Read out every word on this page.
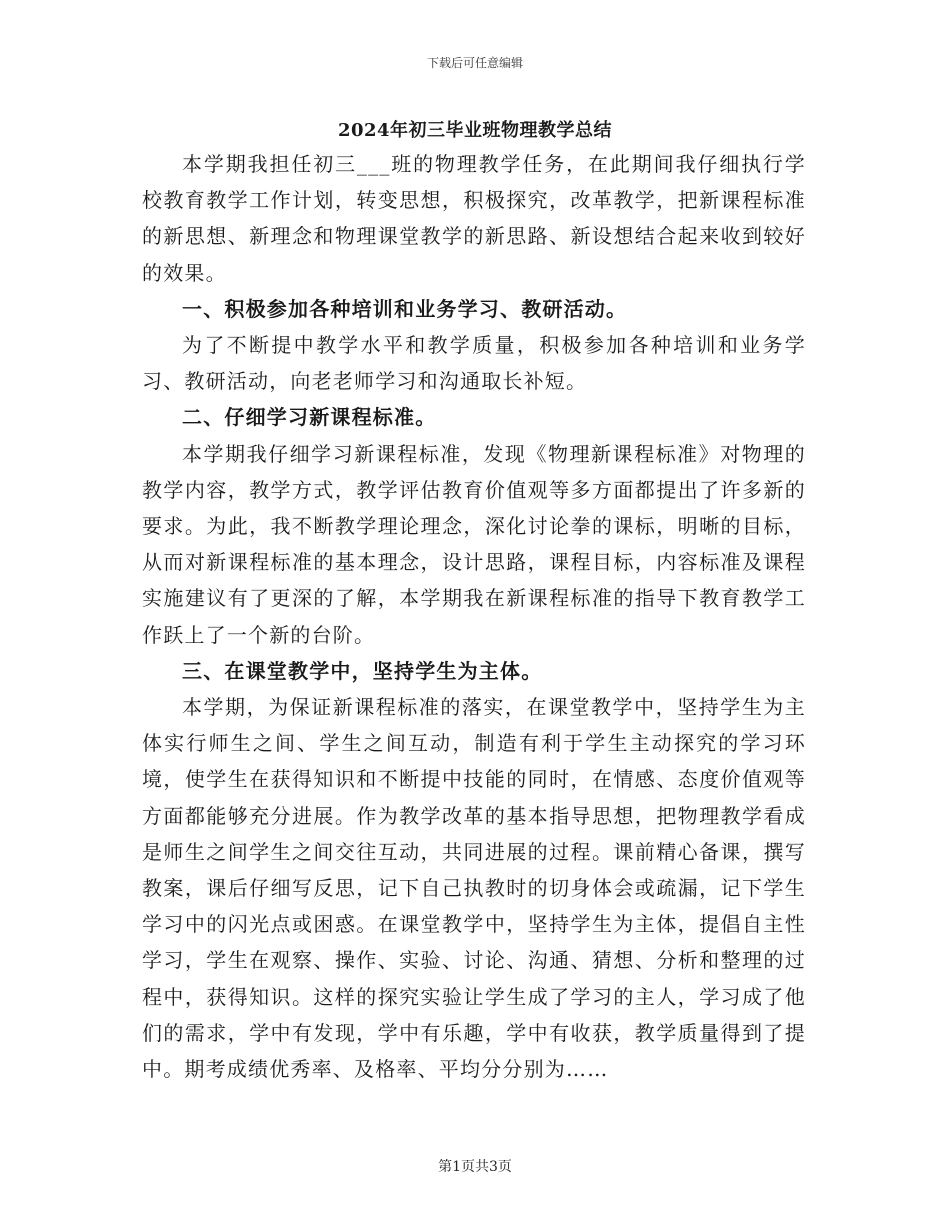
下载后可任意编辑
2024年初三毕业班物理教学总结

本学期我担任初三___班的物理教学任务，在此期间我仔细执行学校教育教学工作计划，转变思想，积极探究，改革教学，把新课程标准的新思想、新理念和物理课堂教学的新思路、新设想结合起来收到较好的效果。

一、积极参加各种培训和业务学习、教研活动。

为了不断提中教学水平和教学质量，积极参加各种培训和业务学习、教研活动，向老老师学习和沟通取长补短。

二、仔细学习新课程标准。

本学期我仔细学习新课程标准，发现《物理新课程标准》对物理的教学内容，教学方式，教学评估教育价值观等多方面都提出了许多新的要求。为此，我不断教学理论理念，深化讨论拳的课标，明晰的目标，从而对新课程标准的基本理念，设计思路，课程目标，内容标准及课程实施建议有了更深的了解，本学期我在新课程标准的指导下教育教学工作跃上了一个新的台阶。

三、在课堂教学中，坚持学生为主体。

本学期，为保证新课程标准的落实，在课堂教学中，坚持学生为主体实行师生之间、学生之间互动，制造有利于学生主动探究的学习环境，使学生在获得知识和不断提中技能的同时，在情感、态度价值观等方面都能够充分进展。作为教学改革的基本指导思想，把物理教学看成是师生之间学生之间交往互动，共同进展的过程。课前精心备课，撰写教案，课后仔细写反思，记下自己执教时的切身体会或疏漏，记下学生学习中的闪光点或困惑。在课堂教学中，坚持学生为主体，提倡自主性学习，学生在观察、操作、实验、讨论、沟通、猜想、分析和整理的过程中，获得知识。这样的探究实验让学生成了学习的主人，学习成了他们的需求，学中有发现，学中有乐趣，学中有收获，教学质量得到了提中。期考成绩优秀率、及格率、平均分分别为……

第1页共3页
